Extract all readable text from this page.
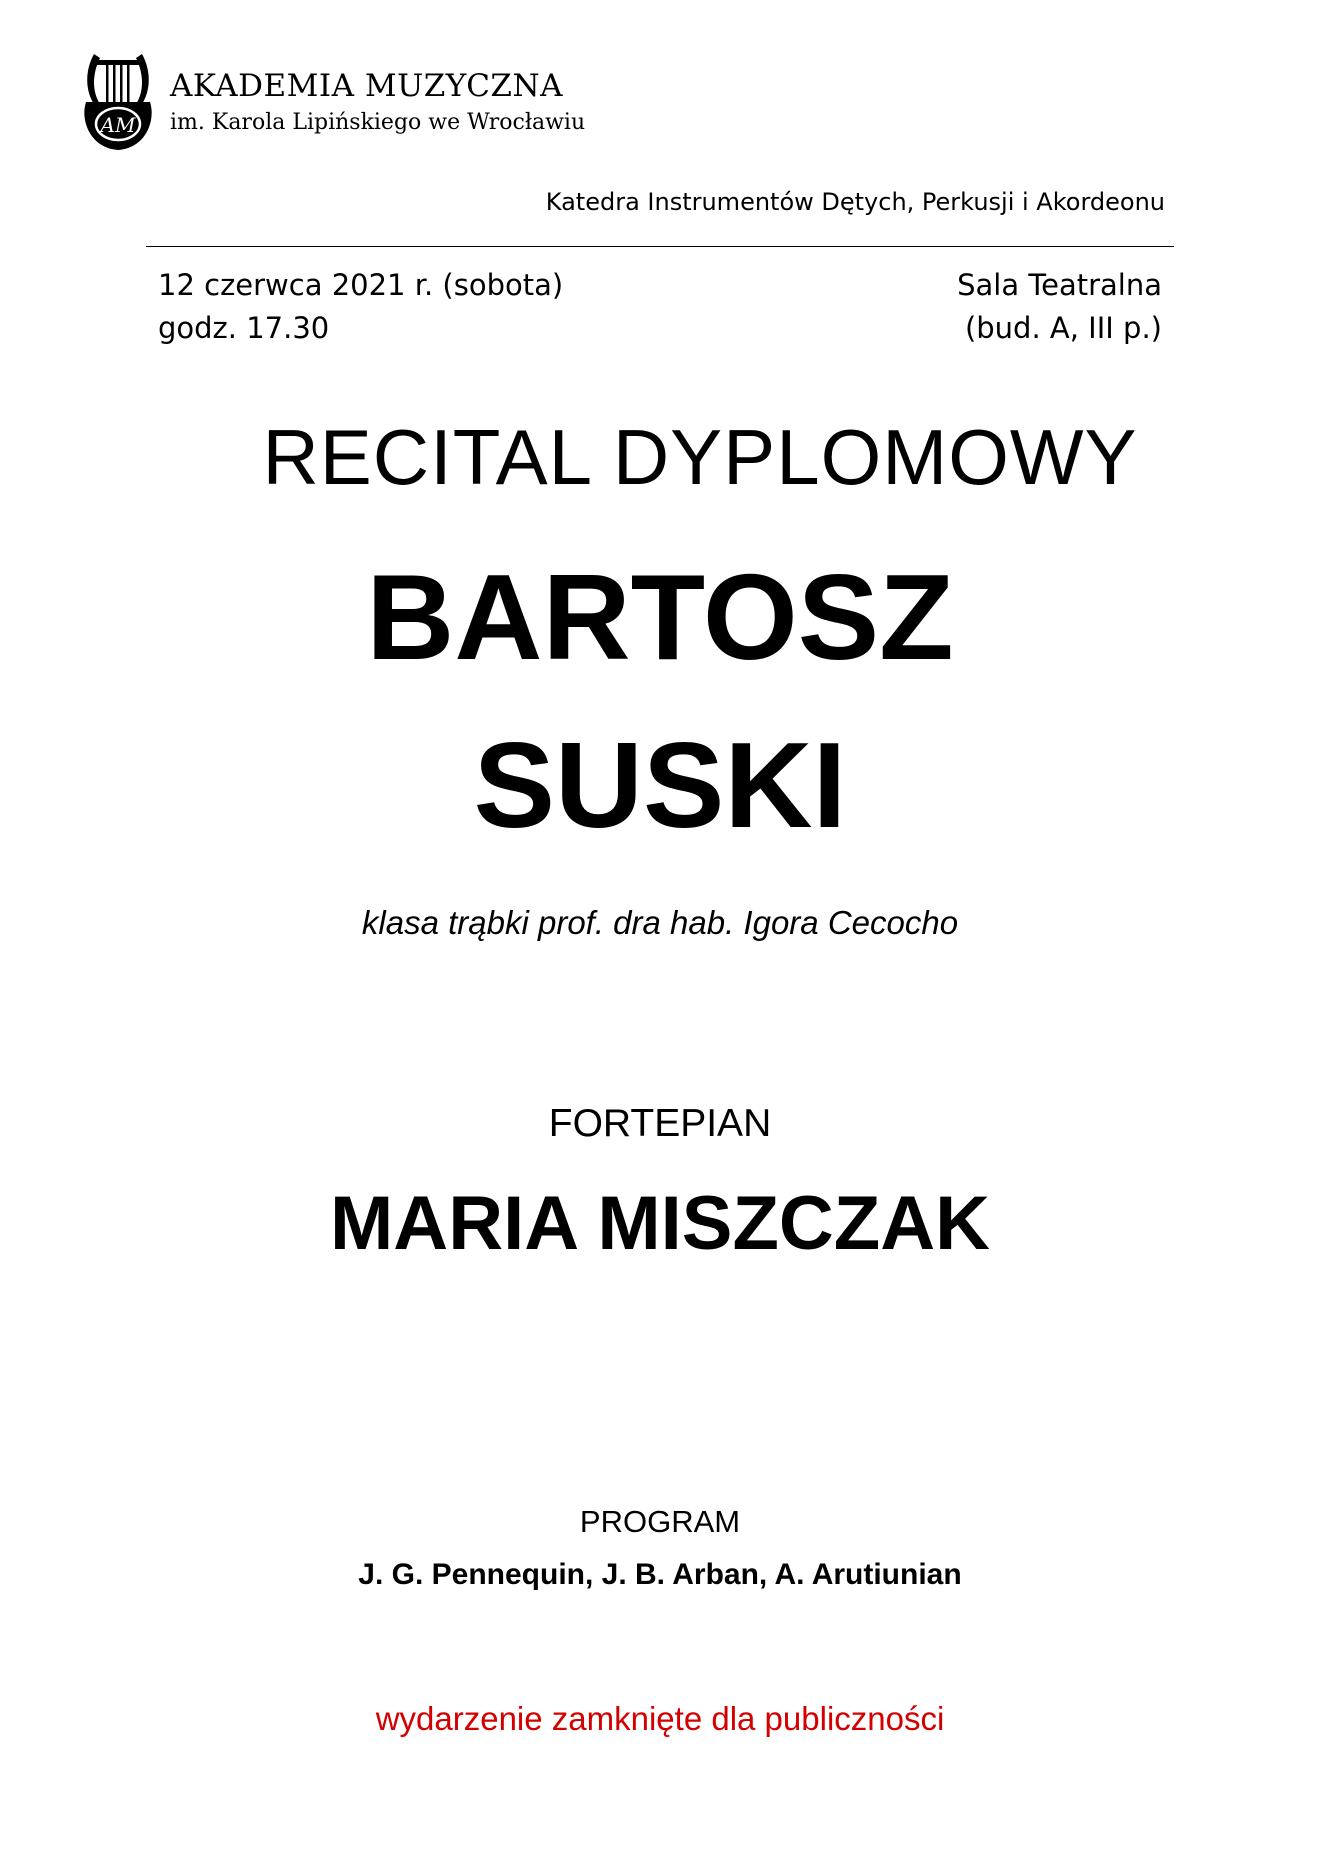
AM
AKADEMIA MUZYCZNA
im. Karola Lipińskiego we Wrocławiu
Katedra Instrumentów Dętych, Perkusji i Akordeonu
12 czerwca 2021 r. (sobota)
godz. 17.30
Sala Teatralna
(bud. A, III p.)
RECITAL DYPLOMOWY
BARTOSZ
SUSKI
klasa trąbki prof. dra hab. Igora Cecocho
FORTEPIAN
MARIA MISZCZAK
PROGRAM
J. G. Pennequin, J. B. Arban, A. Arutiunian
wydarzenie zamknięte dla publiczności
